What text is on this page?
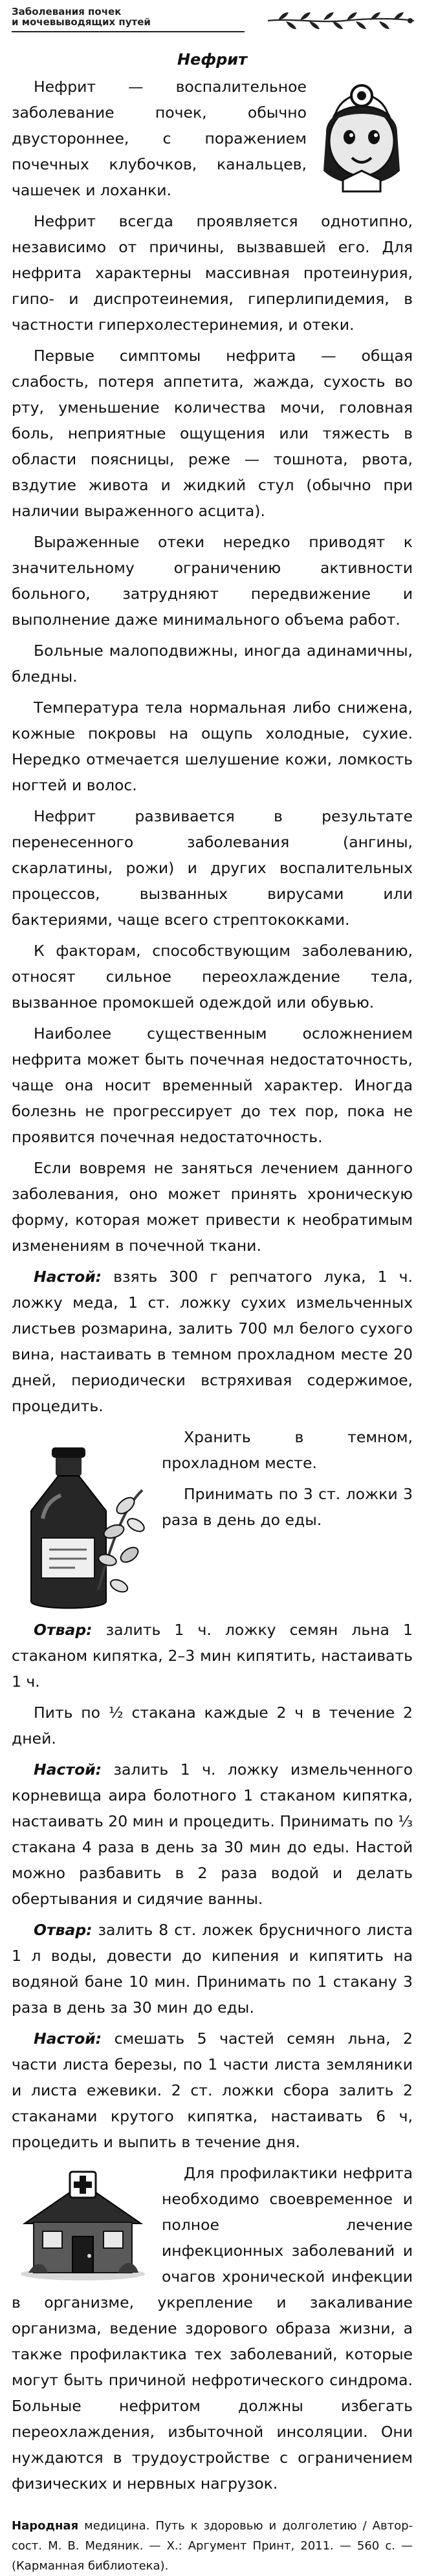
Заболевания почек
и мочевыводящих путей
Нефрит

Нефрит — воспалительное заболевание почек, обычно двустороннее, с поражением почечных клубочков, канальцев, чашечек и лоханки.

Нефрит всегда проявляется однотипно, независимо от причины, вызвавшей его. Для нефрита характерны массивная протеинурия, гипо- и диспротеинемия, гиперлипидемия, в частности гиперхолестеринемия, и отеки.

Первые симптомы нефрита — общая слабость, потеря аппетита, жажда, сухость во рту, уменьшение количества мочи, головная боль, неприятные ощущения или тяжесть в области поясницы, реже — тошнота, рвота, вздутие живота и жидкий стул (обычно при наличии выраженного асцита).

Выраженные отеки нередко приводят к значительному ограничению активности больного, затрудняют передвижение и выполнение даже минимального объема работ.

Больные малоподвижны, иногда адинамичны, бледны.

Температура тела нормальная либо снижена, кожные покровы на ощупь холодные, сухие. Нередко отмечается шелушение кожи, ломкость ногтей и волос.

Нефрит развивается в результате перенесенного заболевания (ангины, скарлатины, рожи) и других воспалительных процессов, вызванных вирусами или бактериями, чаще всего стрептококками.

К факторам, способствующим заболеванию, относят сильное переохлаждение тела, вызванное промокшей одеждой или обувью.

Наиболее существенным осложнением нефрита может быть почечная недостаточность, чаще она носит временный характер. Иногда болезнь не прогрессирует до тех пор, пока не проявится почечная недостаточность.

Если вовремя не заняться лечением данного заболевания, оно может принять хроническую форму, которая может привести к необратимым изменениям в почечной ткани.

Настой: взять 300 г репчатого лука, 1 ч. ложку меда, 1 ст. ложку сухих измельченных листьев розмарина, залить 700 мл белого сухого вина, настаивать в темном прохладном месте 20 дней, периодически встряхивая содержимое, процедить.

Хранить в темном, прохладном месте.

Принимать по 3 ст. ложки 3 раза в день до еды.

Отвар: залить 1 ч. ложку семян льна 1 стаканом кипятка, 2–3 мин кипятить, настаивать 1 ч.

Пить по ½ стакана каждые 2 ч в течение 2 дней.

Настой: залить 1 ч. ложку измельченного корневища аира болотного 1 стаканом кипятка, настаивать 20 мин и процедить. Принимать по ⅓ стакана 4 раза в день за 30 мин до еды. Настой можно разбавить в 2 раза водой и делать обертывания и сидячие ванны.

Отвар: залить 8 ст. ложек брусничного листа 1 л воды, довести до кипения и кипятить на водяной бане 10 мин. Принимать по 1 стакану 3 раза в день за 30 мин до еды.

Настой: смешать 5 частей семян льна, 2 части листа березы, по 1 части листа земляники и листа ежевики. 2 ст. ложки сбора залить 2 стаканами крутого кипятка, настаивать 6 ч, процедить и выпить в течение дня.

Для профилактики нефрита необходимо своевременное и полное лечение инфекционных заболеваний и очагов хронической инфекции в организме, укрепление и закаливание организма, ведение здорового образа жизни, а также профилактика тех заболеваний, которые могут быть причиной нефротического синдрома. Больные нефритом должны избегать переохлаждения, избыточной инсоляции. Они нуждаются в трудоустройстве с ограничением физических и нервных нагрузок.

Народная медицина. Путь к здоровью и долголетию / Автор-сост. М. В. Медяник. — Х.: Аргумент Принт, 2011. — 560 с. — (Карманная библиотека).
